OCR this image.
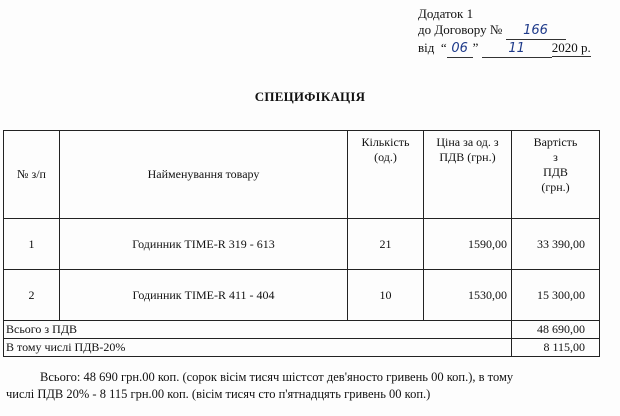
Додаток 1
до Договору № 166
від  “ 06 ” 11 2020 р.
СПЕЦИФІКАЦІЯ
№ з/п	Найменування товару	Кількість (од.)	Ціна за од. з ПДВ (грн.)	Вартість
з
ПДВ
(грн.)

1	Годинник TIME-R 319 - 613	21	1590,00	33 390,00
2	Годинник TIME-R 411 - 404	10	1530,00	15 300,00
Всього з ПДВ				48 690,00
В тому числі ПДВ-20%				8 115,00
Всього: 48 690 грн.00 коп. (сорок вісім тисяч шістсот дев'яносто гривень 00 коп.), в тому
числі ПДВ 20% - 8 115 грн.00 коп. (вісім тисяч сто п'ятнадцять гривень 00 коп.)
